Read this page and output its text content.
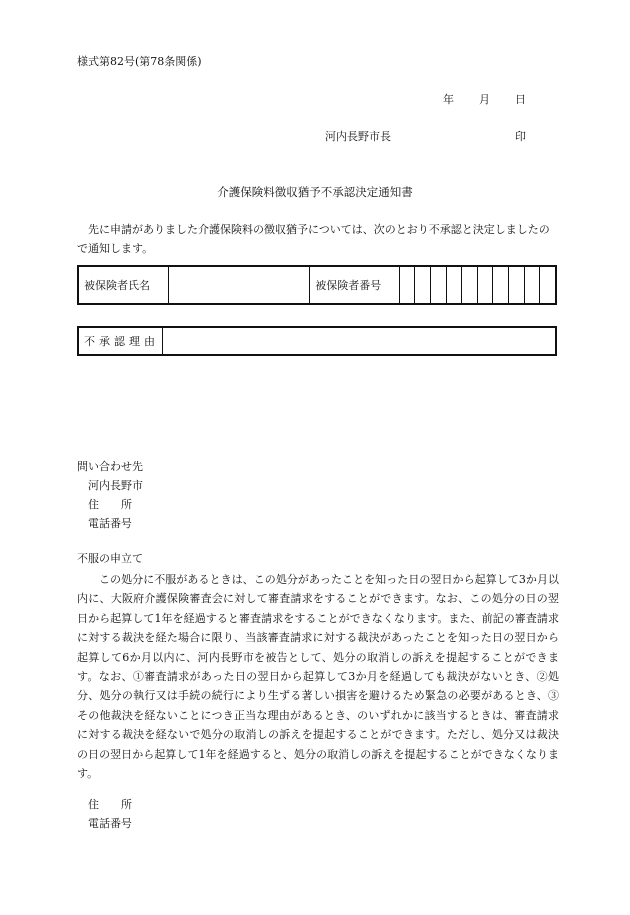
様式第82号(第78条関係)
年 月 日
河内長野市長	印
介護保険料徴収猶予不承認決定通知書

先に申請がありました介護保険料の徴収猶予については、次のとおり不承認と決定しましたので通知します。

被保険者氏名		被保険者番号										
不承認理由	
問い合わせ先
河内長野市
住　　所
電話番号
不服の申立て

この処分に不服があるときは、この処分があったことを知った日の翌日から起算して3か月以内に、大阪府介護保険審査会に対して審査請求をすることができます。なお、この処分の日の翌日から起算して1年を経過すると審査請求をすることができなくなります。また、前記の審査請求に対する裁決を経た場合に限り、当該審査請求に対する裁決があったことを知った日の翌日から起算して6か月以内に、河内長野市を被告として、処分の取消しの訴えを提起することができます。なお、①審査請求があった日の翌日から起算して3か月を経過しても裁決がないとき、②処分、処分の執行又は手続の続行により生ずる著しい損害を避けるため緊急の必要があるとき、③その他裁決を経ないことにつき正当な理由があるとき、のいずれかに該当するときは、審査請求に対する裁決を経ないで処分の取消しの訴えを提起することができます。ただし、処分又は裁決の日の翌日から起算して1年を経過すると、処分の取消しの訴えを提起することができなくなります。

住　　所
電話番号
